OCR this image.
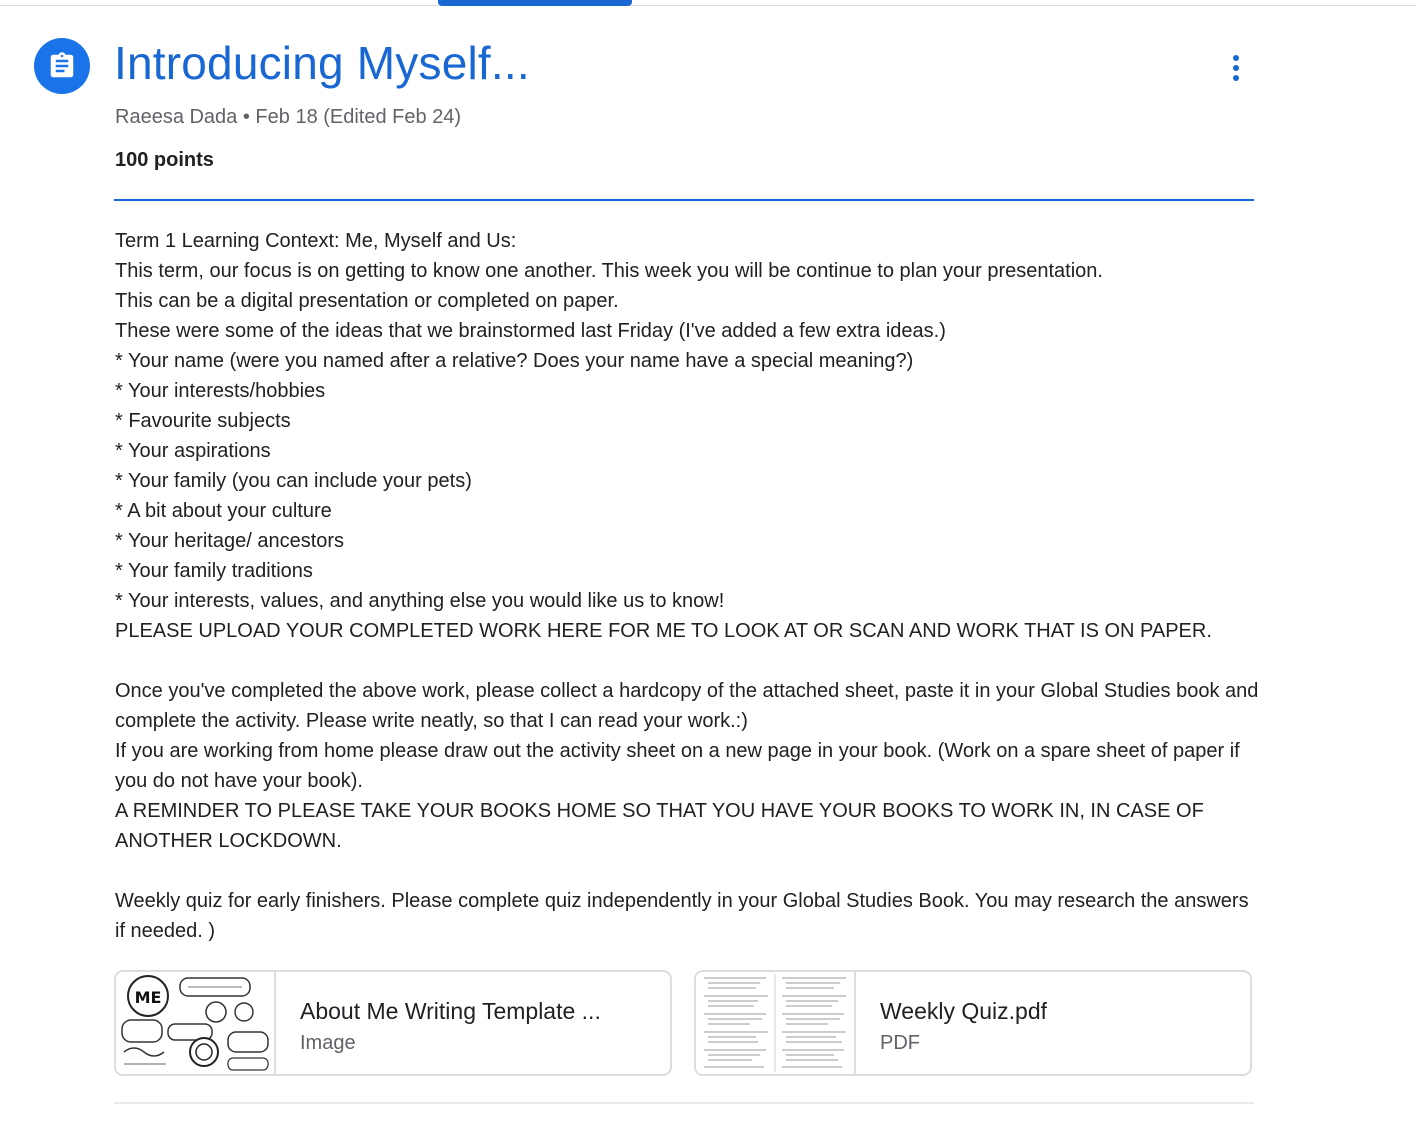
Introducing Myself...
Raeesa Dada • Feb 18 (Edited Feb 24)
100 points

Term 1 Learning Context: Me, Myself and Us:

This term, our focus is on getting to know one another. This week you will be continue to plan your presentation.

This can be a digital presentation or completed on paper.

These were some of the ideas that we brainstormed last Friday (I've added a few extra ideas.)

* Your name (were you named after a relative? Does your name have a special meaning?)

* Your interests/hobbies

* Favourite subjects

* Your aspirations

* Your family (you can include your pets)

* A bit about your culture

* Your heritage/ ancestors

* Your family traditions

* Your interests, values, and anything else you would like us to know!

PLEASE UPLOAD YOUR COMPLETED WORK HERE FOR ME TO LOOK AT OR SCAN AND WORK THAT IS ON PAPER.

Once you've completed the above work, please collect a hardcopy of the attached sheet, paste it in your Global Studies book and complete the activity. Please write neatly, so that I can read your work.:)

If you are working from home please draw out the activity sheet on a new page in your book. (Work on a spare sheet of paper if you do not have your book).

A REMINDER TO PLEASE TAKE YOUR BOOKS HOME SO THAT YOU HAVE YOUR BOOKS TO WORK IN, IN CASE OF ANOTHER LOCKDOWN.

Weekly quiz for early finishers. Please complete quiz independently in your Global Studies Book. You may research the answers if needed. )

ME
About Me Writing Template ...
Image
Weekly Quiz.pdf
PDF
